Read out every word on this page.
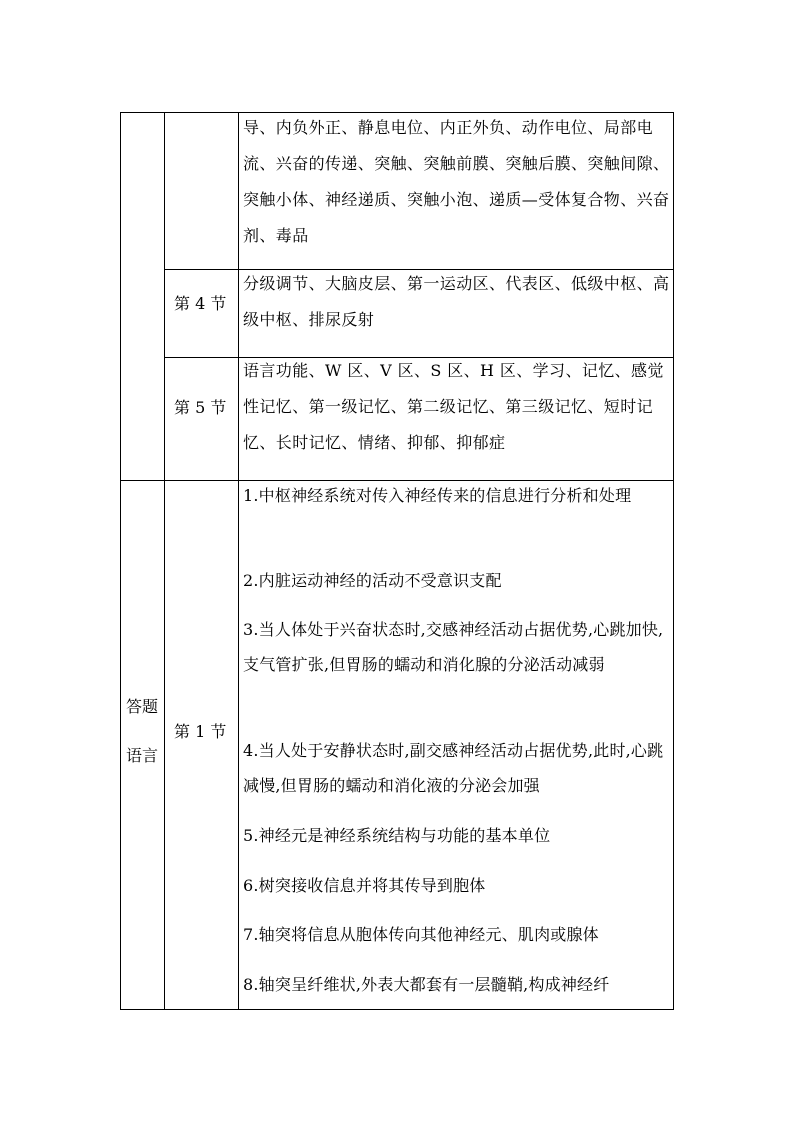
导、内负外正、静息电位、内正外负、动作电位、局部电流、兴奋的传递、突触、突触前膜、突触后膜、突触间隙、突触小体、神经递质、突触小泡、递质—受体复合物、兴奋剂、毒品
第 4 节
分级调节、大脑皮层、第一运动区、代表区、低级中枢、高级中枢、排尿反射
第 5 节
语言功能、W 区、V 区、S 区、H 区、学习、记忆、感觉性记忆、第一级记忆、第二级记忆、第三级记忆、短时记忆、长时记忆、情绪、抑郁、抑郁症
答题
语言
第 1 节
1.中枢神经系统对传入神经传来的信息进行分析和处理
2.内脏运动神经的活动不受意识支配
3.当人体处于兴奋状态时,交感神经活动占据优势,心跳加快,支气管扩张,但胃肠的蠕动和消化腺的分泌活动减弱
4.当人处于安静状态时,副交感神经活动占据优势,此时,心跳减慢,但胃肠的蠕动和消化液的分泌会加强
5.神经元是神经系统结构与功能的基本单位
6.树突接收信息并将其传导到胞体
7.轴突将信息从胞体传向其他神经元、肌肉或腺体
8.轴突呈纤维状,外表大都套有一层髓鞘,构成神经纤
